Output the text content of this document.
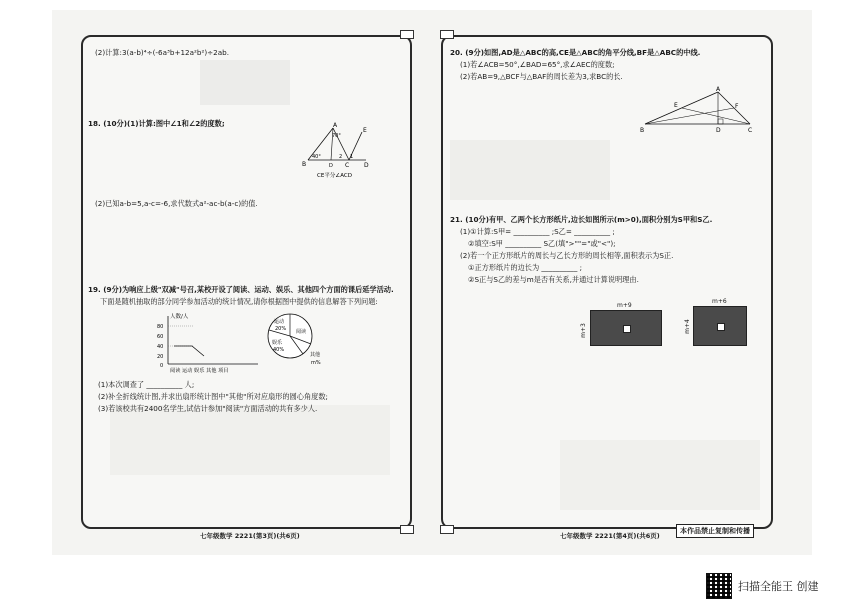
(2)计算:3(a-b)⁴÷(-6a³b+12a²b²)÷2ab.
18. (10分)(1)计算:图中∠1和∠2的度数;	A
E
B	D C D
70°
40°	2 1
CE平分∠ACD
(2)已知a-b=5,a-c=-6,求代数式a²-ac-b(a-c)的值.
19. (9分)为响应上级"双减"号召,某校开设了阅读、运动、娱乐、其他四个方面的课后延学活动.
下面是随机抽取的部分同学参加活动的统计情况,请你根据图中提供的信息解答下列问题:
人数/人
80
60
40
20
0
阅读 运动 娱乐 其他 项目
运动
20% 阅读
娱乐
40%
其他
m%
(1)本次调查了 __________ 人;
(2)补全折线统计图,并求出扇形统计图中"其他"所对应扇形的圆心角度数;
(3)若该校共有2400名学生,试估计参加"阅读"方面活动的共有多少人.
七年级数学 2221(第3页)(共6页)
20. (9分)如图,AD是△ABC的高,CE是△ABC的角平分线,BF是△ABC的中线.
(1)若∠ACB=50°,∠BAD=65°,求∠AEC的度数;
(2)若AB=9,△BCF与△BAF的周长差为3,求BC的长.
A
E	F
B	D	C
21. (10分)有甲、乙两个长方形纸片,边长如图所示(m>0),面积分别为S甲和S乙.
(1)①计算:S甲= __________ ;S乙= __________ ;
②填空:S甲 __________ S乙(填">""="或"<");
(2)若一个正方形纸片的周长与乙长方形的周长相等,面积表示为S正.
①正方形纸片的边长为 __________ ;
②S正与S乙的差与m是否有关系,并通过计算说明理由.
m+9
m+3
m+6
m+4
七年级数学 2221(第4页)(共6页)
本作品禁止复制和传播
扫描全能王 创建
